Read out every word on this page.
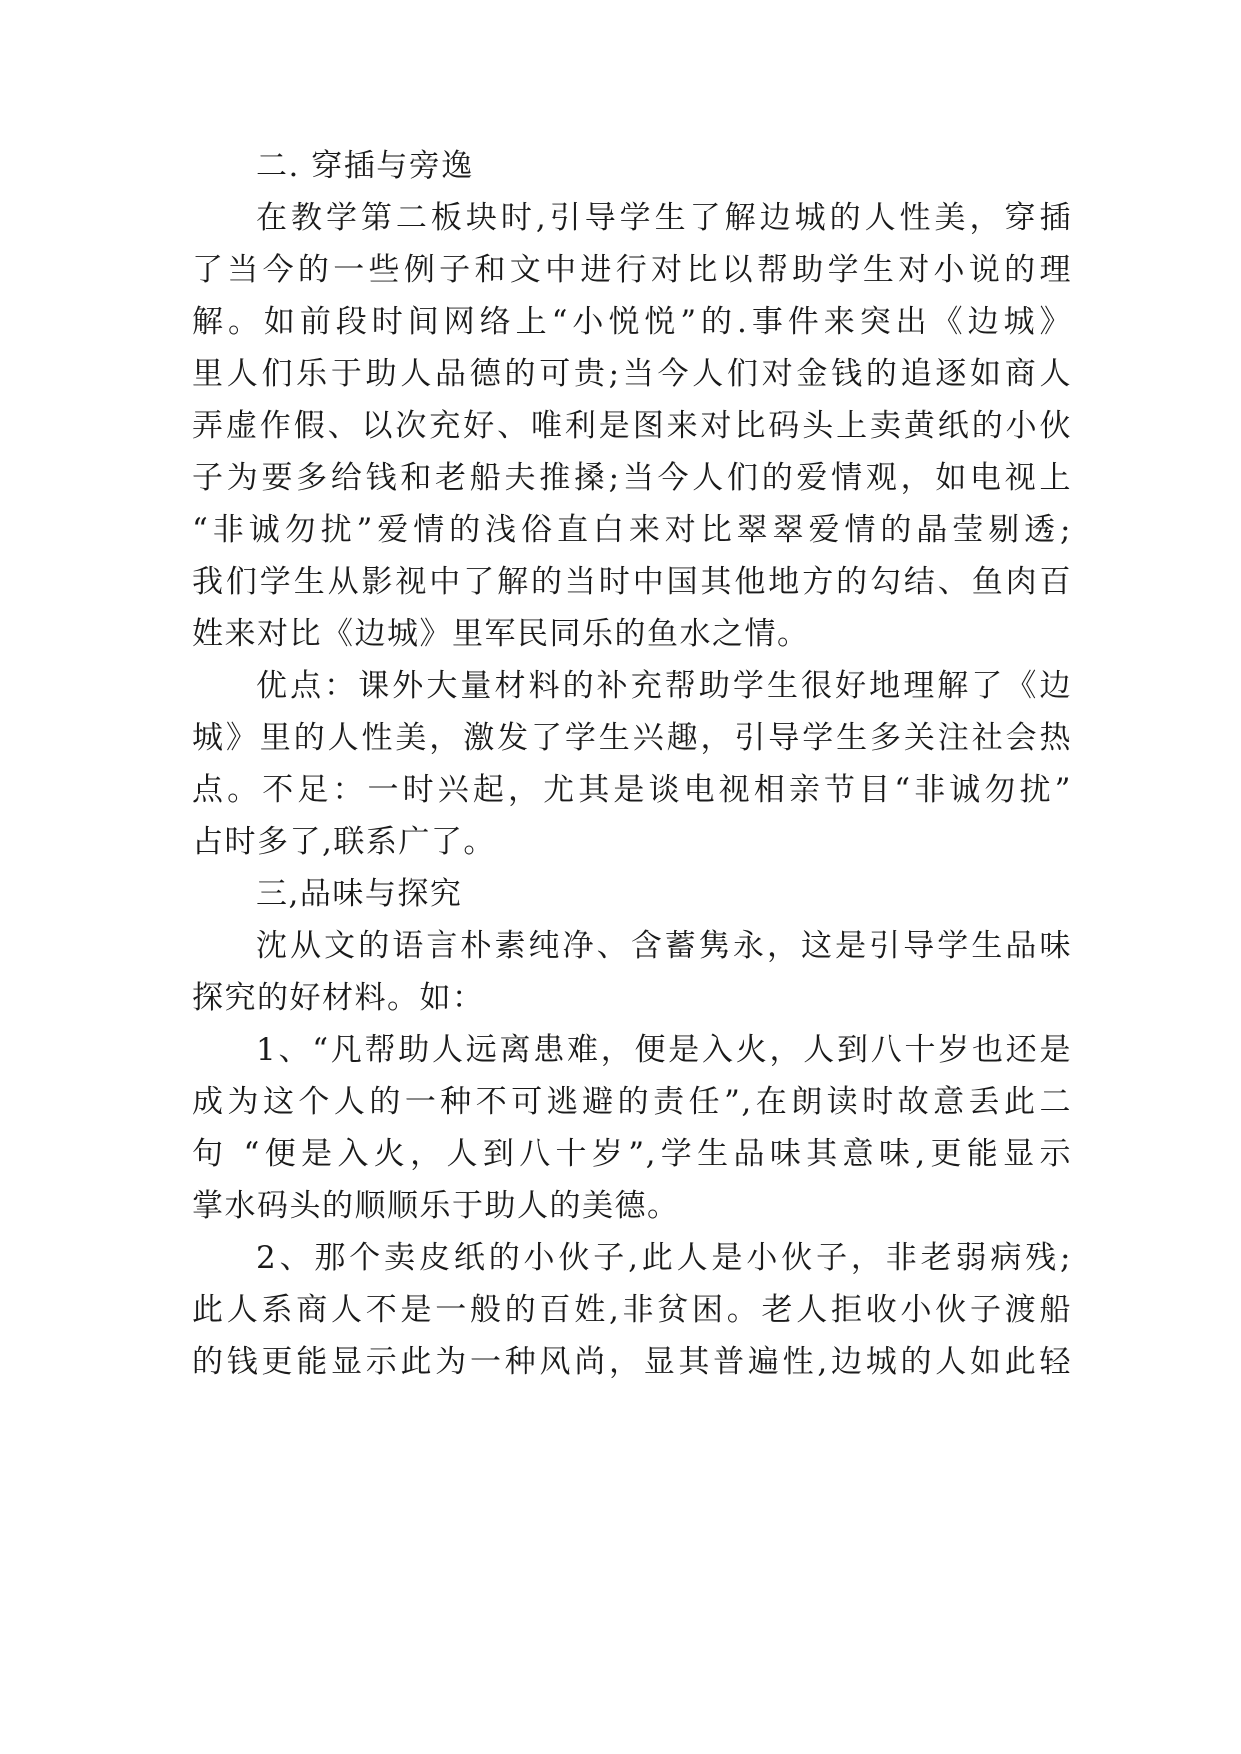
二. 穿插与旁逸
在教学第二板块时,引导学生了解边城的人性美，穿插
了当今的一些例子和文中进行对比以帮助学生对小说的理
解。如前段时间网络上“小悦悦”的.事件来突出《边城》
里人们乐于助人品德的可贵;当今人们对金钱的追逐如商人
弄虚作假、以次充好、唯利是图来对比码头上卖黄纸的小伙
子为要多给钱和老船夫推搡;当今人们的爱情观，如电视上
“非诚勿扰”爱情的浅俗直白来对比翠翠爱情的晶莹剔透;
我们学生从影视中了解的当时中国其他地方的勾结、鱼肉百
姓来对比《边城》里军民同乐的鱼水之情。
优点：课外大量材料的补充帮助学生很好地理解了《边
城》里的人性美，激发了学生兴趣，引导学生多关注社会热
点。不足：一时兴起，尤其是谈电视相亲节目“非诚勿扰”
占时多了,联系广了。
三,品味与探究
沈从文的语言朴素纯净、含蓄隽永，这是引导学生品味
探究的好材料。如：
1、“凡帮助人远离患难，便是入火，人到八十岁也还是
成为这个人的一种不可逃避的责任”,在朗读时故意丢此二
句 “便是入火，人到八十岁”,学生品味其意味,更能显示
掌水码头的顺顺乐于助人的美德。
2、那个卖皮纸的小伙子,此人是小伙子，非老弱病残;
此人系商人不是一般的百姓,非贫困。老人拒收小伙子渡船
的钱更能显示此为一种风尚，显其普遍性,边城的人如此轻
